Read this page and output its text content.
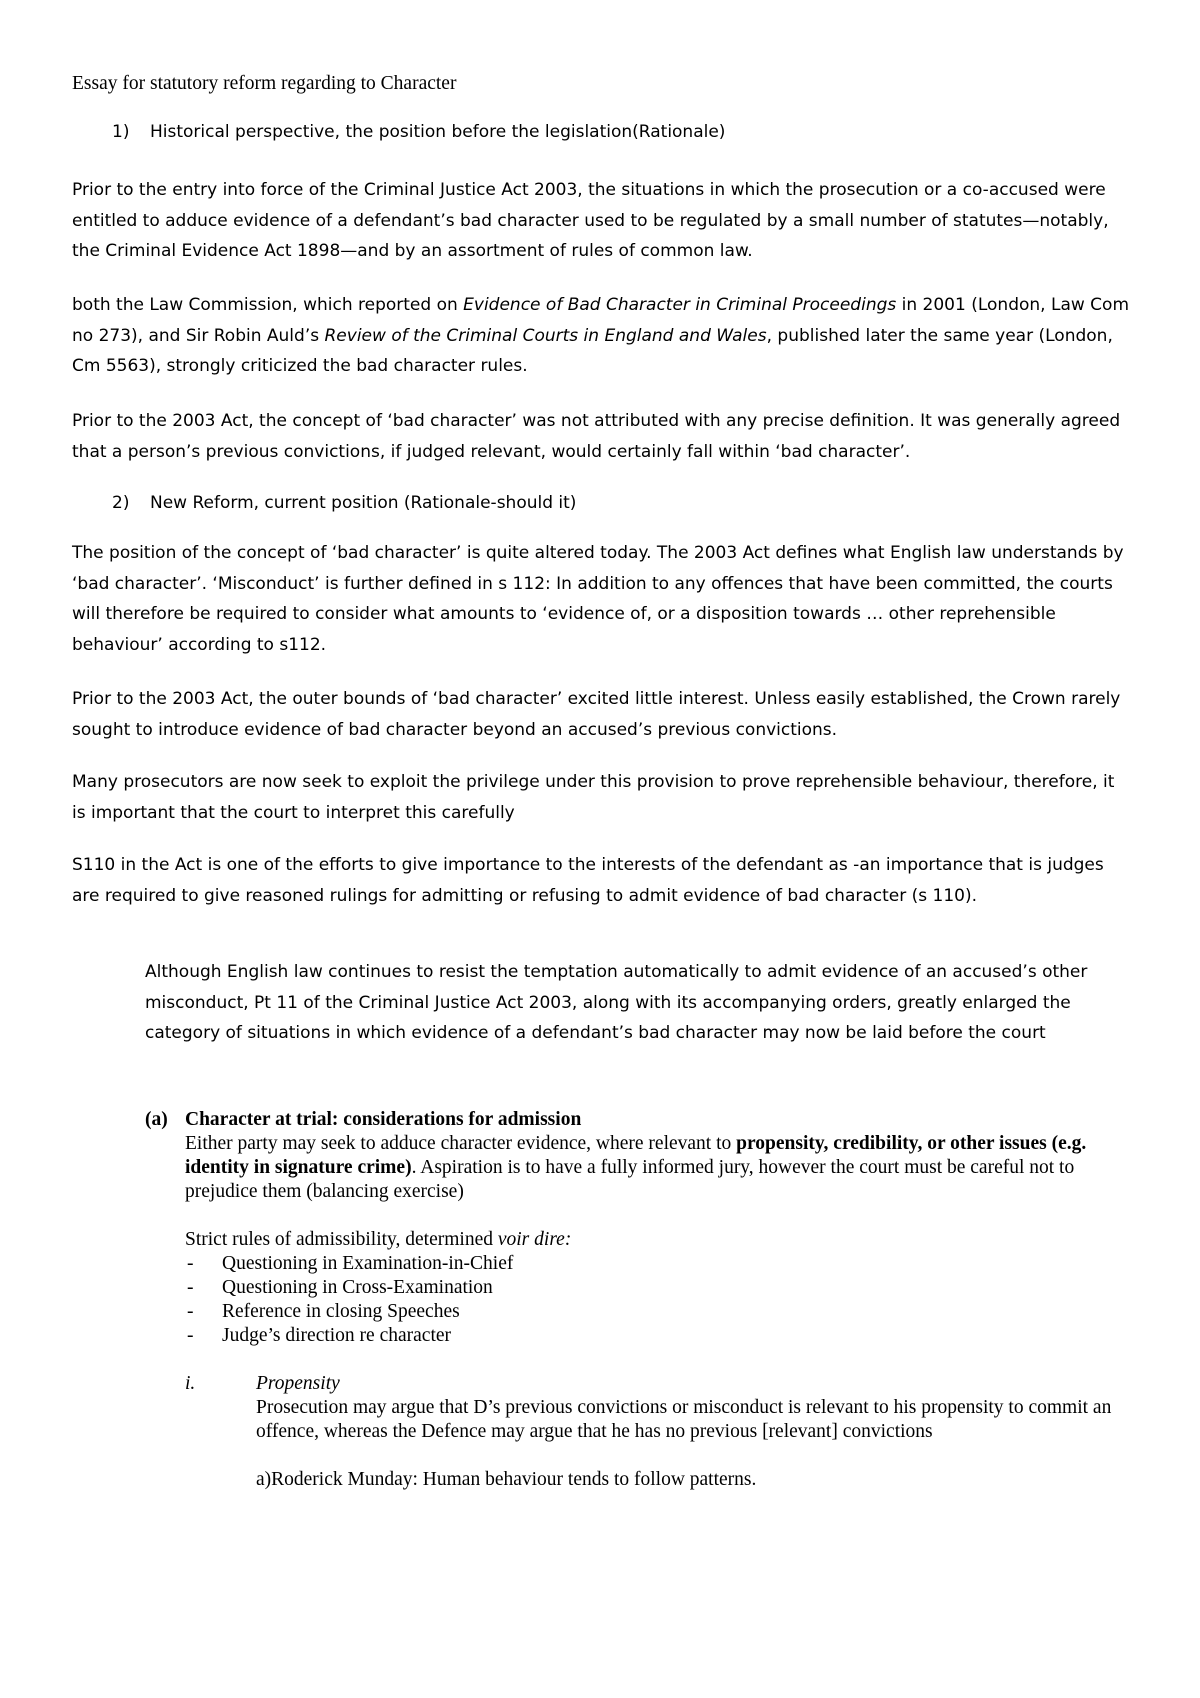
Essay for statutory reform regarding to Character

1) Historical perspective, the position before the legislation(Rationale)

Prior to the entry into force of the Criminal Justice Act 2003, the situations in which the prosecution or a co-accused were entitled to adduce evidence of a defendant’s bad character used to be regulated by a small number of statutes—notably, the Criminal Evidence Act 1898—and by an assortment of rules of common law.

both the Law Commission, which reported on Evidence of Bad Character in Criminal Proceedings in 2001 (London, Law Com no 273), and Sir Robin Auld’s Review of the Criminal Courts in England and Wales, published later the same year (London, Cm 5563), strongly criticized the bad character rules.

Prior to the 2003 Act, the concept of ‘bad character’ was not attributed with any precise definition. It was generally agreed that a person’s previous convictions, if judged relevant, would certainly fall within ‘bad character’.

2) New Reform, current position (Rationale-should it)

The position of the concept of ‘bad character’ is quite altered today. The 2003 Act defines what English law understands by ‘bad character’. ‘Misconduct’ is further defined in s 112: In addition to any offences that have been committed, the courts will therefore be required to consider what amounts to ‘evidence of, or a disposition towards … other reprehensible behaviour’ according to s112.

Prior to the 2003 Act, the outer bounds of ‘bad character’ excited little interest. Unless easily established, the Crown rarely sought to introduce evidence of bad character beyond an accused’s previous convictions.

Many prosecutors are now seek to exploit the privilege under this provision to prove reprehensible behaviour, therefore, it is important that the court to interpret this carefully

S110 in the Act is one of the efforts to give importance to the interests of the defendant as -an importance that is judges are required to give reasoned rulings for admitting or refusing to admit evidence of bad character (s 110).

Although English law continues to resist the temptation automatically to admit evidence of an accused’s other misconduct, Pt 11 of the Criminal Justice Act 2003, along with its accompanying orders, greatly enlarged the category of situations in which evidence of a defendant’s bad character may now be laid before the court

(a) Character at trial: considerations for admission
Either party may seek to adduce character evidence, where relevant to propensity, credibility, or other issues (e.g. identity in signature crime). Aspiration is to have a fully informed jury, however the court must be careful not to prejudice them (balancing exercise)
Strict rules of admissibility, determined voir dire:
- Questioning in Examination-in-Chief
- Questioning in Cross-Examination
- Reference in closing Speeches
- Judge’s direction re character
i.	Propensity
Prosecution may argue that D’s previous convictions or misconduct is relevant to his propensity to commit an offence, whereas the Defence may argue that he has no previous [relevant] convictions
a)Roderick Munday: Human behaviour tends to follow patterns.
